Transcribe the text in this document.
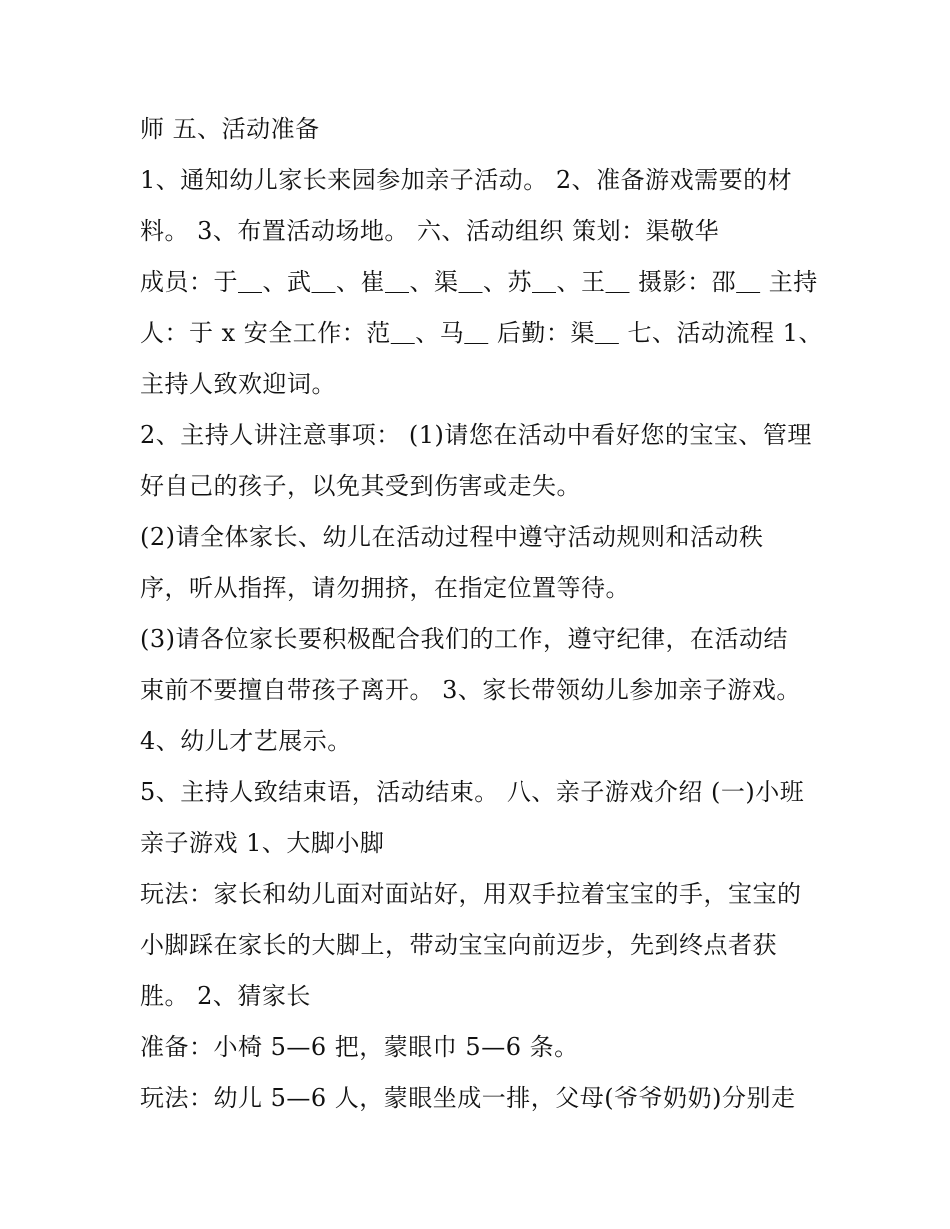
师 五、活动准备
1、通知幼儿家长来园参加亲子活动。 2、准备游戏需要的材
料。 3、布置活动场地。 六、活动组织 策划：渠敬华
成员：于＿、武＿、崔＿、渠＿、苏＿、王＿ 摄影：邵＿ 主持
人：于 x 安全工作：范＿、马＿ 后勤：渠＿ 七、活动流程 1、
主持人致欢迎词。
2、主持人讲注意事项： (1)请您在活动中看好您的宝宝、管理
好自己的孩子，以免其受到伤害或走失。
(2)请全体家长、幼儿在活动过程中遵守活动规则和活动秩
序，听从指挥，请勿拥挤，在指定位置等待。
(3)请各位家长要积极配合我们的工作，遵守纪律，在活动结
束前不要擅自带孩子离开。 3、家长带领幼儿参加亲子游戏。
4、幼儿才艺展示。
5、主持人致结束语，活动结束。 八、亲子游戏介绍 (一)小班
亲子游戏 1、大脚小脚
玩法：家长和幼儿面对面站好，用双手拉着宝宝的手，宝宝的
小脚踩在家长的大脚上，带动宝宝向前迈步，先到终点者获
胜。 2、猜家长
准备：小椅 5—6 把，蒙眼巾 5—6 条。
玩法：幼儿 5—6 人，蒙眼坐成一排，父母(爷爷奶奶)分别走
